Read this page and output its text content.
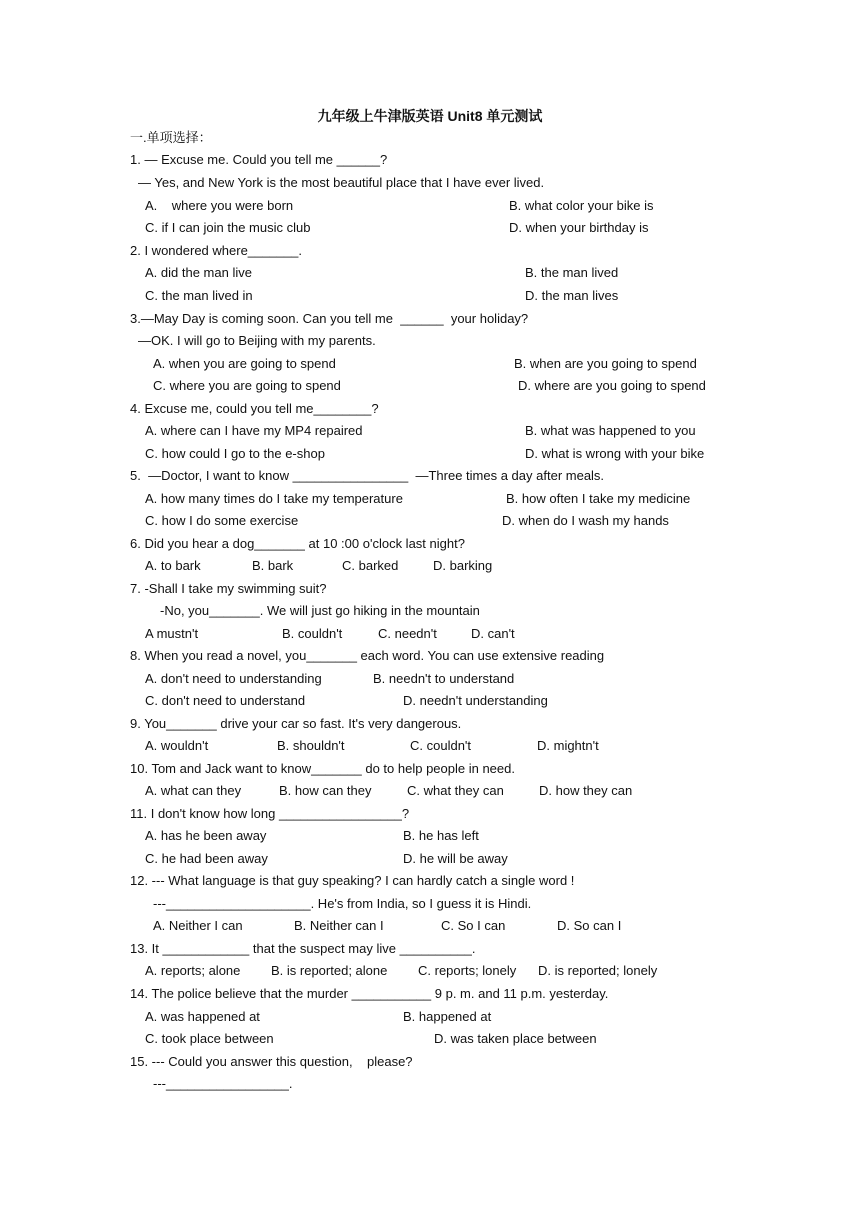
九年级上牛津版英语 Unit8 单元测试
一.单项选择：
1. — Excuse me. Could you tell me ______?
— Yes, and New York is the most beautiful place that I have ever lived.
A.    where you were born	B. what color your bike is
C. if I can join the music club	D. when your birthday is
2. I wondered where_______.
A. did the man live	B. the man lived
C. the man lived in	D. the man lives
3.—May Day is coming soon. Can you tell me  ______  your holiday?
—OK. I will go to Beijing with my parents.
A. when you are going to spend	B. when are you going to spend
C. where you are going to spend	D. where are you going to spend
4. Excuse me, could you tell me________?
A. where can I have my MP4 repaired	B. what was happened to you
C. how could I go to the e-shop	D. what is wrong with your bike
5.  —Doctor, I want to know ________________  —Three times a day after meals.
A. how many times do I take my temperature	B. how often I take my medicine
C. how I do some exercise	D. when do I wash my hands
6. Did you hear a dog_______ at 10 :00 o'clock last night?
A. to bark	B. bark	C. barked	D. barking
7. -Shall I take my swimming suit?
-No, you_______. We will just go hiking in the mountain
A mustn't	B. couldn't	C. needn't	D. can't
8. When you read a novel, you_______ each word. You can use extensive reading
A. don't need to understanding	B. needn't to understand
C. don't need to understand	D. needn't understanding
9. You_______ drive your car so fast. It's very dangerous.
A. wouldn't	B. shouldn't	C. couldn't	D. mightn't
10. Tom and Jack want to know_______ do to help people in need.
A. what can they	B. how can they	C. what they can	D. how they can
11. I don't know how long _________________?
A. has he been away	B. he has left
C. he had been away	D. he will be away
12. --- What language is that guy speaking? I can hardly catch a single word !
---____________________. He's from India, so I guess it is Hindi.
A. Neither I can	B. Neither can I	C. So I can	D. So can I
13. It ____________ that the suspect may live __________.
A. reports; alone B. is reported; alone C. reports; lonely D. is reported; lonely
14. The police believe that the murder ___________ 9 p. m. and 11 p.m. yesterday.
A. was happened at	B. happened at
C. took place between	D. was taken place between
15. --- Could you answer this question,    please?
---_________________.
